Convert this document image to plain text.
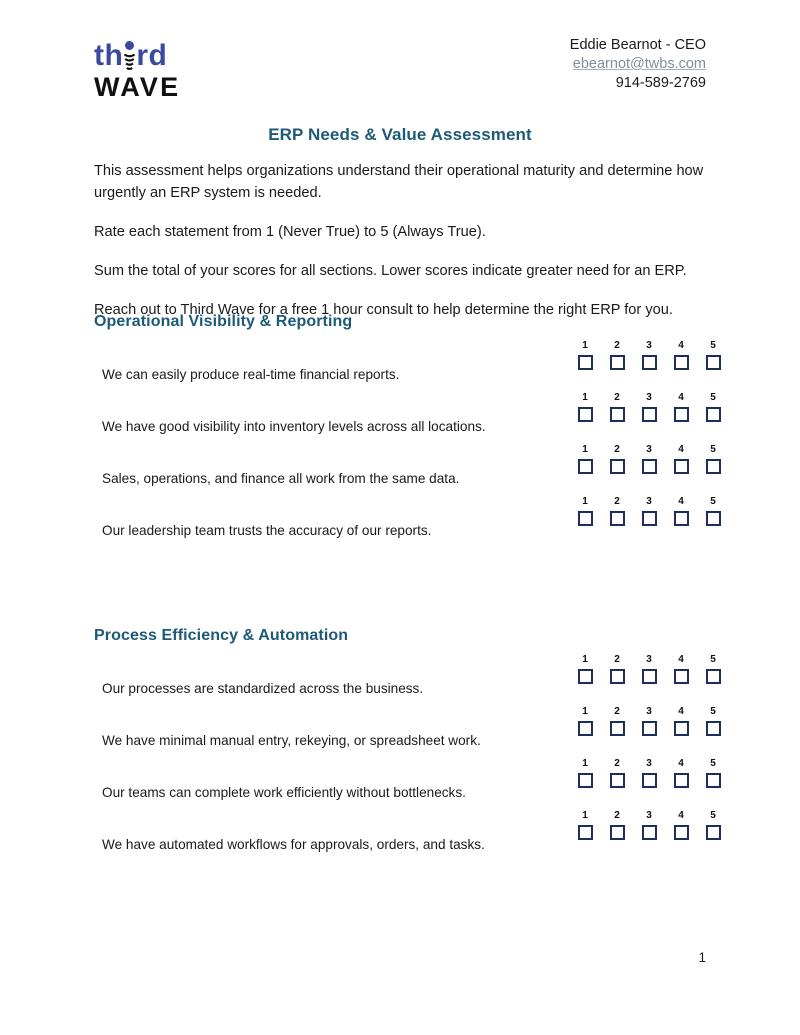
th rd
WAVE
Eddie Bearnot - CEO
ebearnot@twbs.com
914-589-2769
ERP Needs & Value Assessment

This assessment helps organizations understand their operational maturity and determine how urgently an ERP system is needed.

Rate each statement from 1 (Never True) to 5 (Always True).

Sum the total of your scores for all sections. Lower scores indicate greater need for an ERP.

Reach out to Third Wave for a free 1 hour consult to help determine the right ERP for you.

Operational Visibility & Reporting
We can easily produce real-time financial reports.
1	2	3	4	5
We have good visibility into inventory levels across all locations.
1	2	3	4	5
Sales, operations, and finance all work from the same data.
1	2	3	4	5
Our leadership team trusts the accuracy of our reports.
1	2	3	4	5
Process Efficiency & Automation
Our processes are standardized across the business.
1	2	3	4	5
We have minimal manual entry, rekeying, or spreadsheet work.
1	2	3	4	5
Our teams can complete work efficiently without bottlenecks.
1	2	3	4	5
We have automated workflows for approvals, orders, and tasks.
1	2	3	4	5
1
